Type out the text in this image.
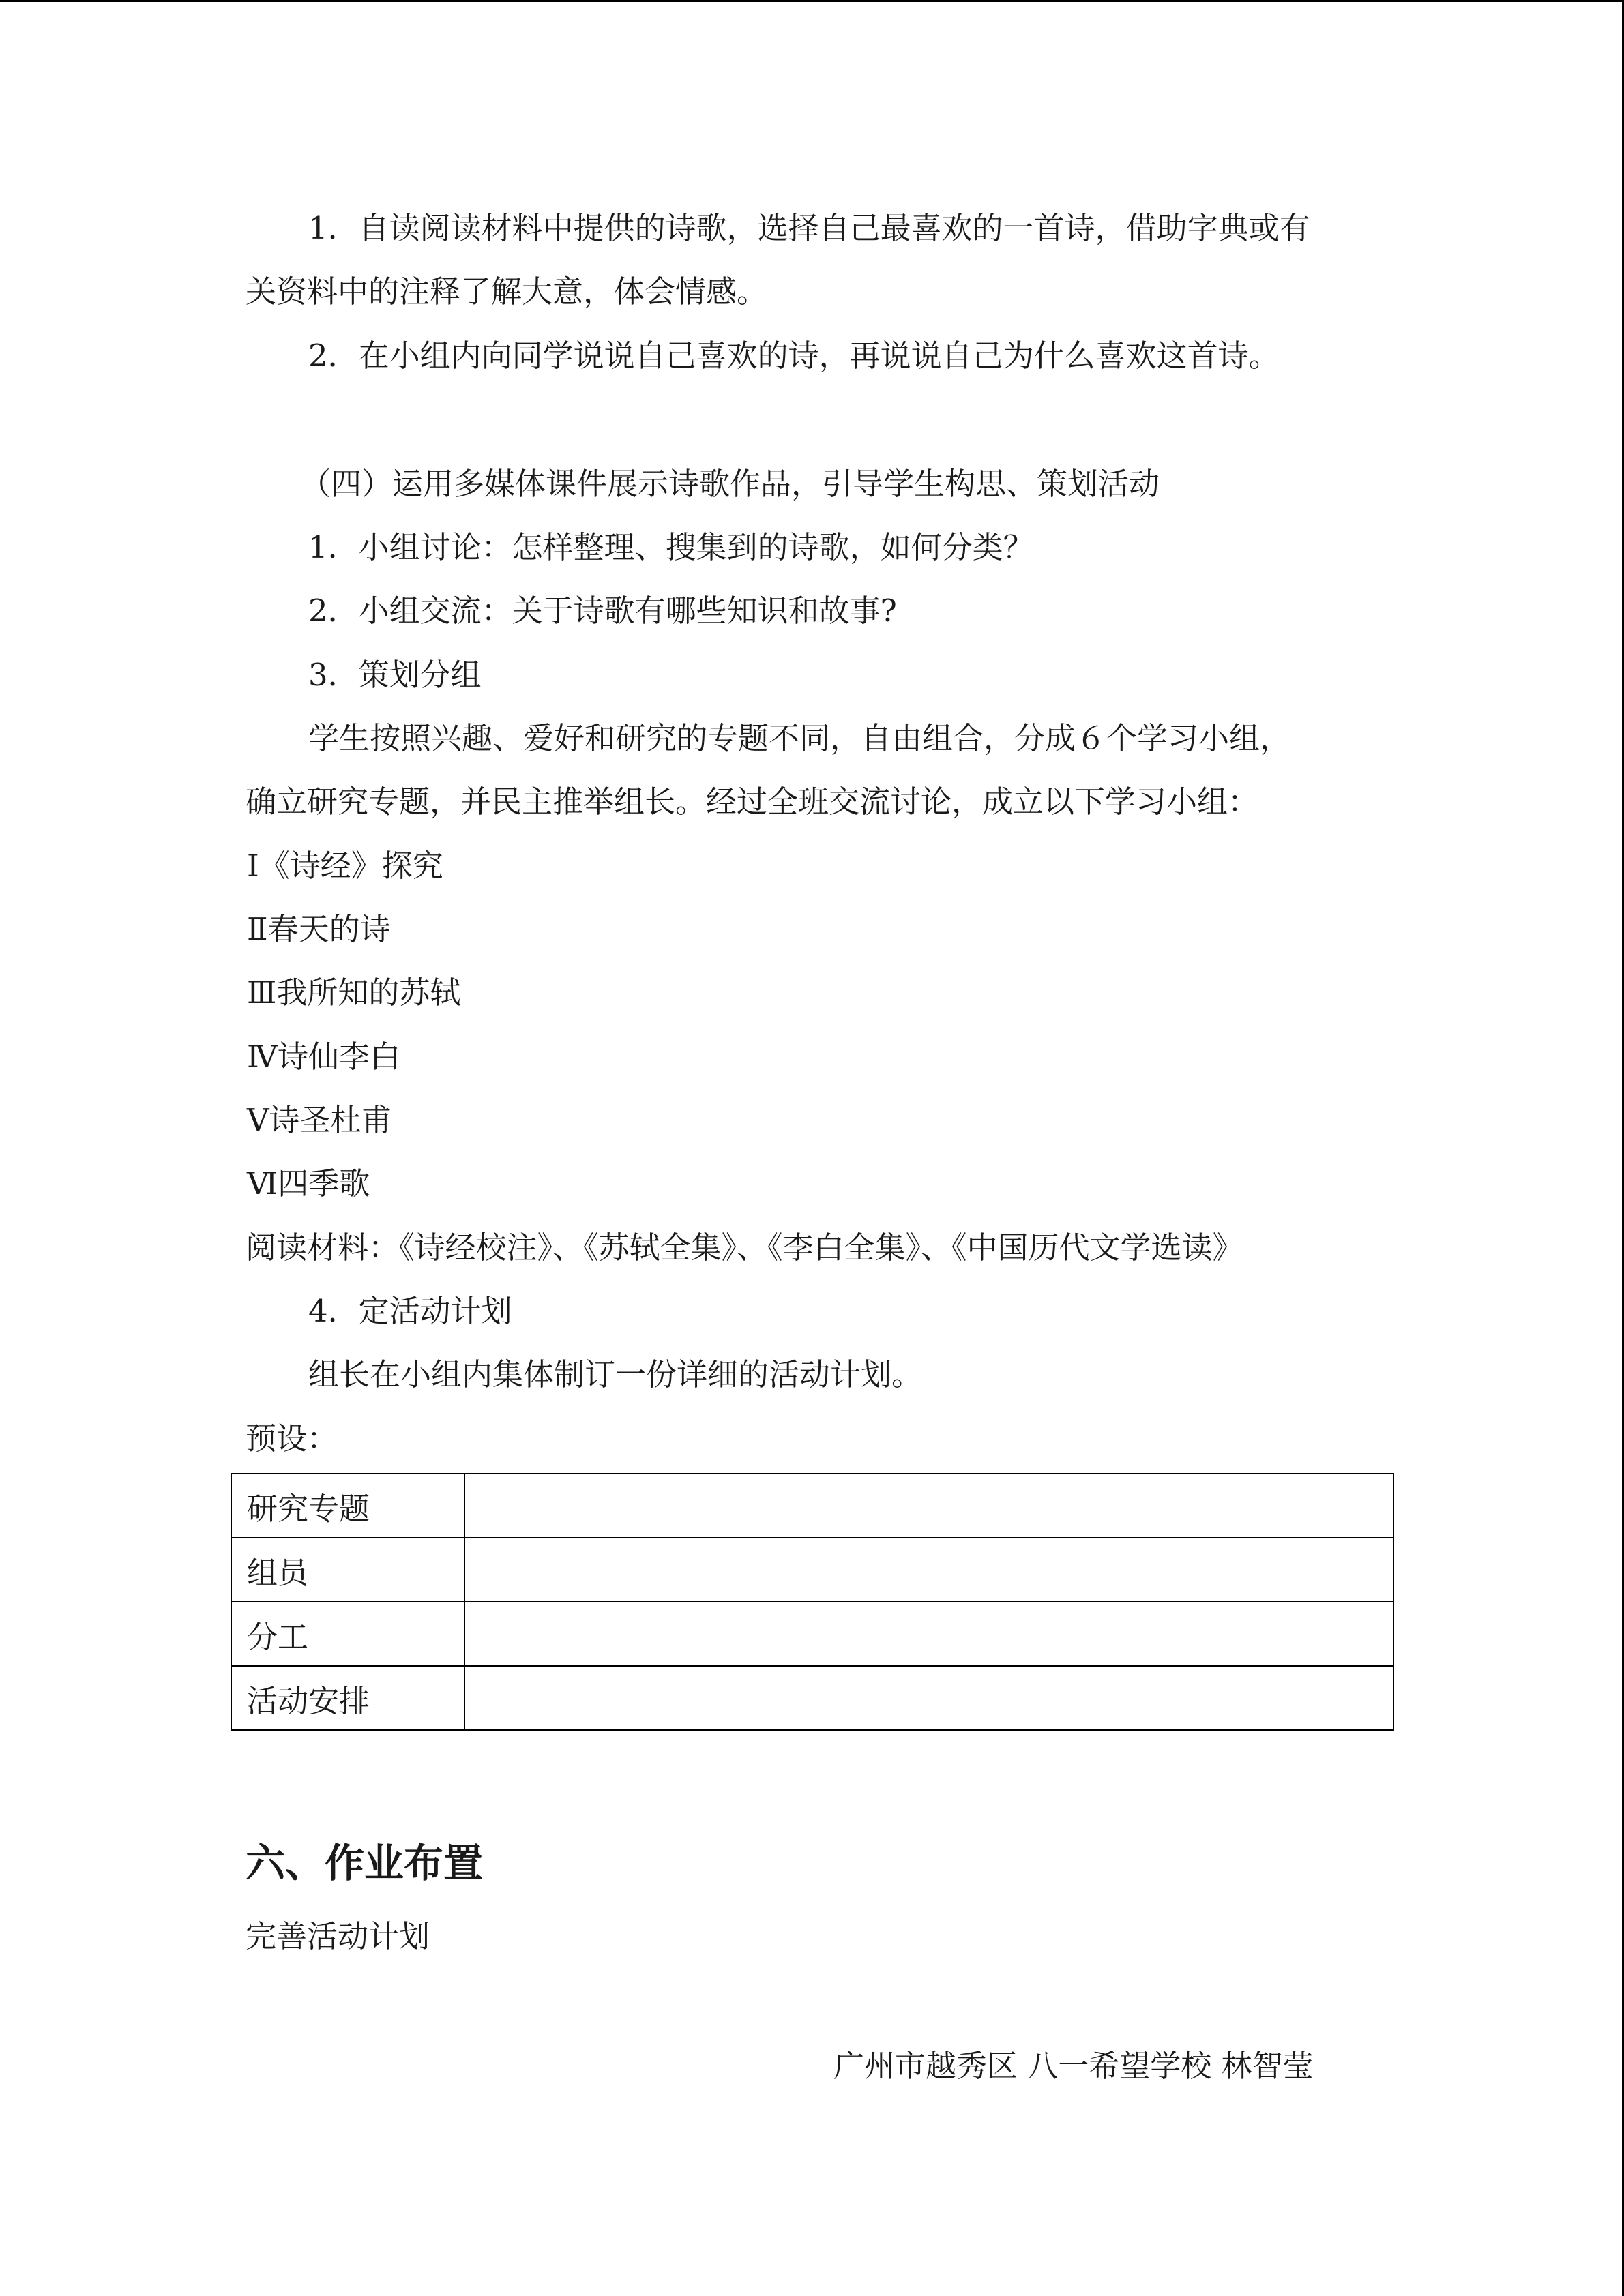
1．自读阅读材料中提供的诗歌，选择自己最喜欢的一首诗，借助字典或有
关资料中的注释了解大意，体会情感。
2．在小组内向同学说说自己喜欢的诗，再说说自己为什么喜欢这首诗。
（四）运用多媒体课件展示诗歌作品，引导学生构思、策划活动
1．小组讨论：怎样整理、搜集到的诗歌，如何分类？
2．小组交流：关于诗歌有哪些知识和故事?
3．策划分组
学生按照兴趣、爱好和研究的专题不同，自由组合，分成６个学习小组，
确立研究专题，并民主推举组长。经过全班交流讨论，成立以下学习小组：
Ⅰ《诗经》探究
Ⅱ春天的诗
Ⅲ我所知的苏轼
Ⅳ诗仙李白
Ⅴ诗圣杜甫
Ⅵ四季歌
阅读材料：《诗经校注》、《苏轼全集》、《李白全集》、《中国历代文学选读》
4．定活动计划
组长在小组内集体制订一份详细的活动计划。
预设：
研究专题	
组员	
分工	
活动安排	
六、作业布置
完善活动计划
广州市越秀区 八一希望学校 林智莹
